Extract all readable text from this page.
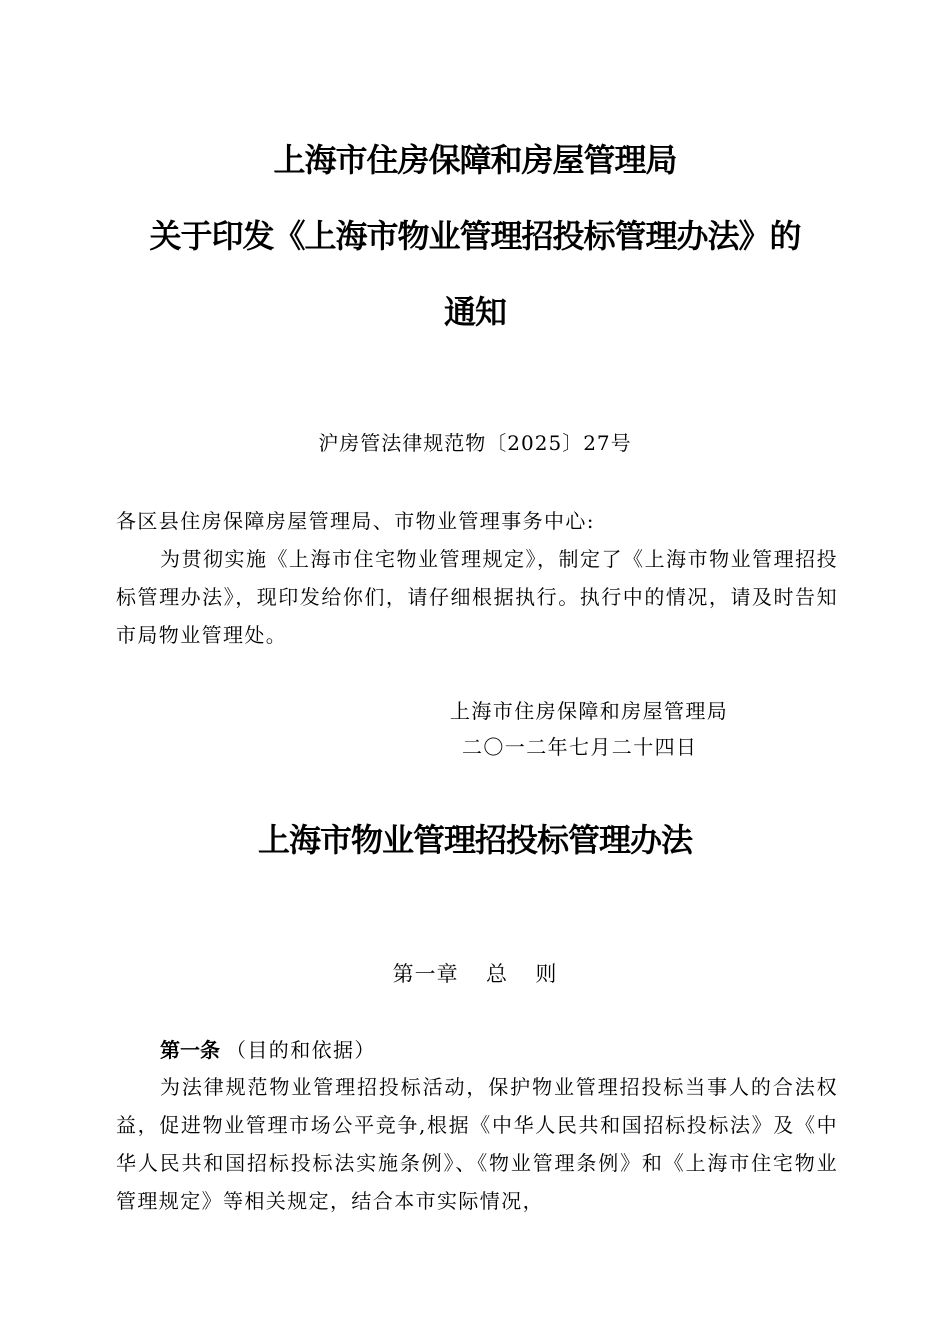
上海市住房保障和房屋管理局
关于印发《上海市物业管理招投标管理办法》的
通知
沪房管法律规范物〔2025〕27号
各区县住房保障房屋管理局、市物业管理事务中心:
为贯彻实施《上海市住宅物业管理规定》，制定了《上海市物业管理招投标管理办法》，现印发给你们，请仔细根据执行。执行中的情况，请及时告知市局物业管理处。
上海市住房保障和房屋管理局
二〇一二年七月二十四日
上海市物业管理招投标管理办法
第一章  总  则
第一条 （目的和依据）
为法律规范物业管理招投标活动，保护物业管理招投标当事人的合法权益，促进物业管理市场公平竞争,根据《中华人民共和国招标投标法》及《中华人民共和国招标投标法实施条例》、《物业管理条例》和《上海市住宅物业管理规定》等相关规定，结合本市实际情况，
